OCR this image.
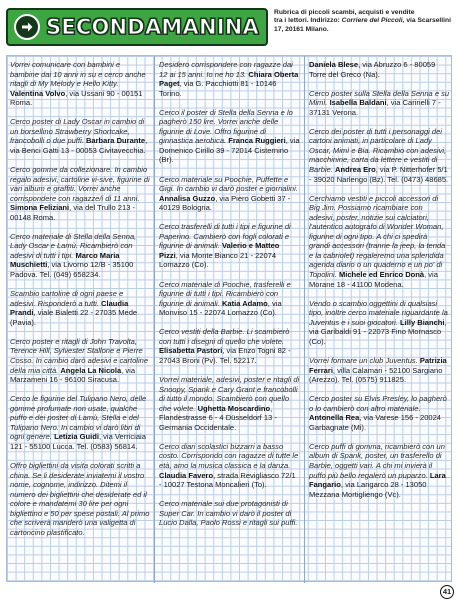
SECONDAMANINA
Rubrica di piccoli scambi, acquisti e vendite
tra i lettori. Indirizzo: Corriere dei Piccoli, via Scarsellini 17, 20161 Milano.
Vorrei comunicare con bambini e bambine dai 10 anni in su e cerco anche ritagli di My Melody e Hello Kitty. Valentina Volvo, via Ussani 90 - 00151 Roma.
Cerco poster di Lady Oscar in cambio di un borsellino Strawberry Shortcake, francobolli o due puffi. Barbara Durante, via Benci Gatti 13 - 00053 Civitavecchia.
Cerco gomme da collezionare. In cambio regalo adesivi, cartoline vi-sive, figurine di vari album e graffiti. Vorrei anche corrispondere con ragazze/i di 11 anni. Simona Feliziani, via del Trullo 213 - 00148 Roma.
Cerco materiale di Stella della Senna, Lady Oscar e Lamù. Ricambierò con adesivi di tutti i tipi. Marco Maria Muschietti, via Livorno 12/B - 35100 Padova. Tel. (049) 658234.
Scambio cartoline di ogni paese e adesivi. Risponderò a tutti. Claudia Prandi, viale Bialetti 22 - 27035 Mede (Pavia).
Cerco poster e ritagli di John Travolta, Terence Hill, Sylvester Stallone e Pierre Cosso. In cambio darò adesivi e cartoline della mia città. Angela La Nicola, via Marzameni 16 - 96100 Siracusa.
Cerco le figurine del Tulipano Nero, delle gomme profumate non usate, qualche puffo e dei poster di Lamù, Stella e del Tulipano Nero. In cambio vi darò libri di ogni genere. Letizia Guidi, via Verriciaia 121 - 55100 Lucca. Tel. (0583) 56814.
Offro bigliettini da visita colorati scritti a china. Se li desiderate inviatemi il vostro nome, cognome, indirizzo. Ditemi il numero dei bigliettini che desiderate ed il colore e mandatemi 30 lire per ogni bigliettino e 50 per spese postali. Al primo che scriverà manderò una valigetta di cartoncino plastificato.
Desidero corrispondere con ragazze dai 12 ai 15 anni. Io ne ho 13. Chiara Oberta Paget, via G. Pacchiotti 81 - 10146 Torino.
Cerco il poster di Stella della Senna e lo pagherò 150 lire. Vorrei anche delle figurine di Love. Offro figurine di ginnastica aerobica. Franca Ruggieri, via Domenico Cirillo 39 - 72014 Cisternino (Br).
Cerco materiale su Poochie, Puffette e Gigi. In cambio vi darò poster e giornalini. Annalisa Guzzo, via Piero Gobetti 37 - 40129 Bologna.
Cerco trasferelli di tutti i tipi e figurine di Paperino. Cambierò con fogli colorati e figurine di animali. Valerio e Matteo Pizzi, via Monte Bianco 21 - 22074 Lomazzo (Co).
Cerco materiale di Poochie, trasferelli e figurine di tutti i tipi. Ricambierò con figurine di animali. Katia Adamo, via Monviso 15 - 22074 Lomazzo (Co).
Cerco vestiti della Barbie. Li scambierò con tutti i disegni di quello che volete. Elisabetta Pastori, via Enzo Togni 82 - 27043 Broni (Pv). Tel. 52217.
Vorrei materiale, adesivi, poster e ritagli di Snoopy, Spank e Cary Grant e francobolli di tutto il mondo. Scambierò con quello che volete. Ughetta Moscardino, Flandestrasse 6 - 4 Düsseldorf 13 - Germania Occidentale.
Cerco diari scolastici bizzarri a basso costo. Corrispondo con ragazze di tutte le età, amo la musica classica e la danza. Claudia Favero, strada Revigliasco 72/1 - 10027 Testona Moncalieri (To).
Cerco materiale sui due protagonisti di Super Car. In cambio vi darò il poster di Lucio Dalla, Paolo Rossi e ritagli sui puffi.
Daniela Blese, via Abruzzo 6 - 80059 Torre del Greco (Na).
Cerco poster sulla Stella della Senna e su Mimì. Isabella Baldani, via Carinelli 7 - 37131 Verona.
Cerco dei poster di tutti i personaggi dei cartoni animati, in particolare di Lady Oscar, Mimì e Bia. Ricambio con adesivi, macchinine, carta da lettere e vestiti di Barbie. Andrea Ero, via P. Nitterhofer 5/1 - 39020 Narlengo (Bz). Tel. (0473) 48685.
Cerchiamo vestiti e piccoli accessori di Big Jim. Possiamo ricambiare con adesivi, poster, notizie sui calciatori, l'autentico autografo di Wonder Woman, figurine di ogni tipo. A chi ci spedirà grandi accessori (tranne la jeep, la tenda e la cabriolet) regaleremo una splendida agenda diario o un quaderno e un po' di Topolini. Michele ed Enrico Donà, via Morane 18 - 41100 Modena.
Vendo o scambio oggettini di qualsiasi tipo, inoltre cerco materiale riguardante la Juventus e i suoi giocatori. Lilly Bianchi, via Garibaldi 91 - 22073 Fino Mornasco (Co).
Vorrei formare un club Juventus. Patrizia Ferrari, villa Calamari - 52100 Sargiano (Arezzo). Tel. (0575) 911825.
Cerco poster su Elvis Presley, lo pagherò o lo cambierò con altro materiale. Antonella Rea, via Varese 156 - 20024 Garbagnate (Mi).
Cerco puffi di gomma, ricambierò con un album di Spank, poster, un trasferello di Barbie, oggetti vari. A chi mi invierà il puffo più bello regalerò un puparzo. Lara Fangario, via Langarco 28 - 13050 Mezzana Mortigliengo (Vc).
41
